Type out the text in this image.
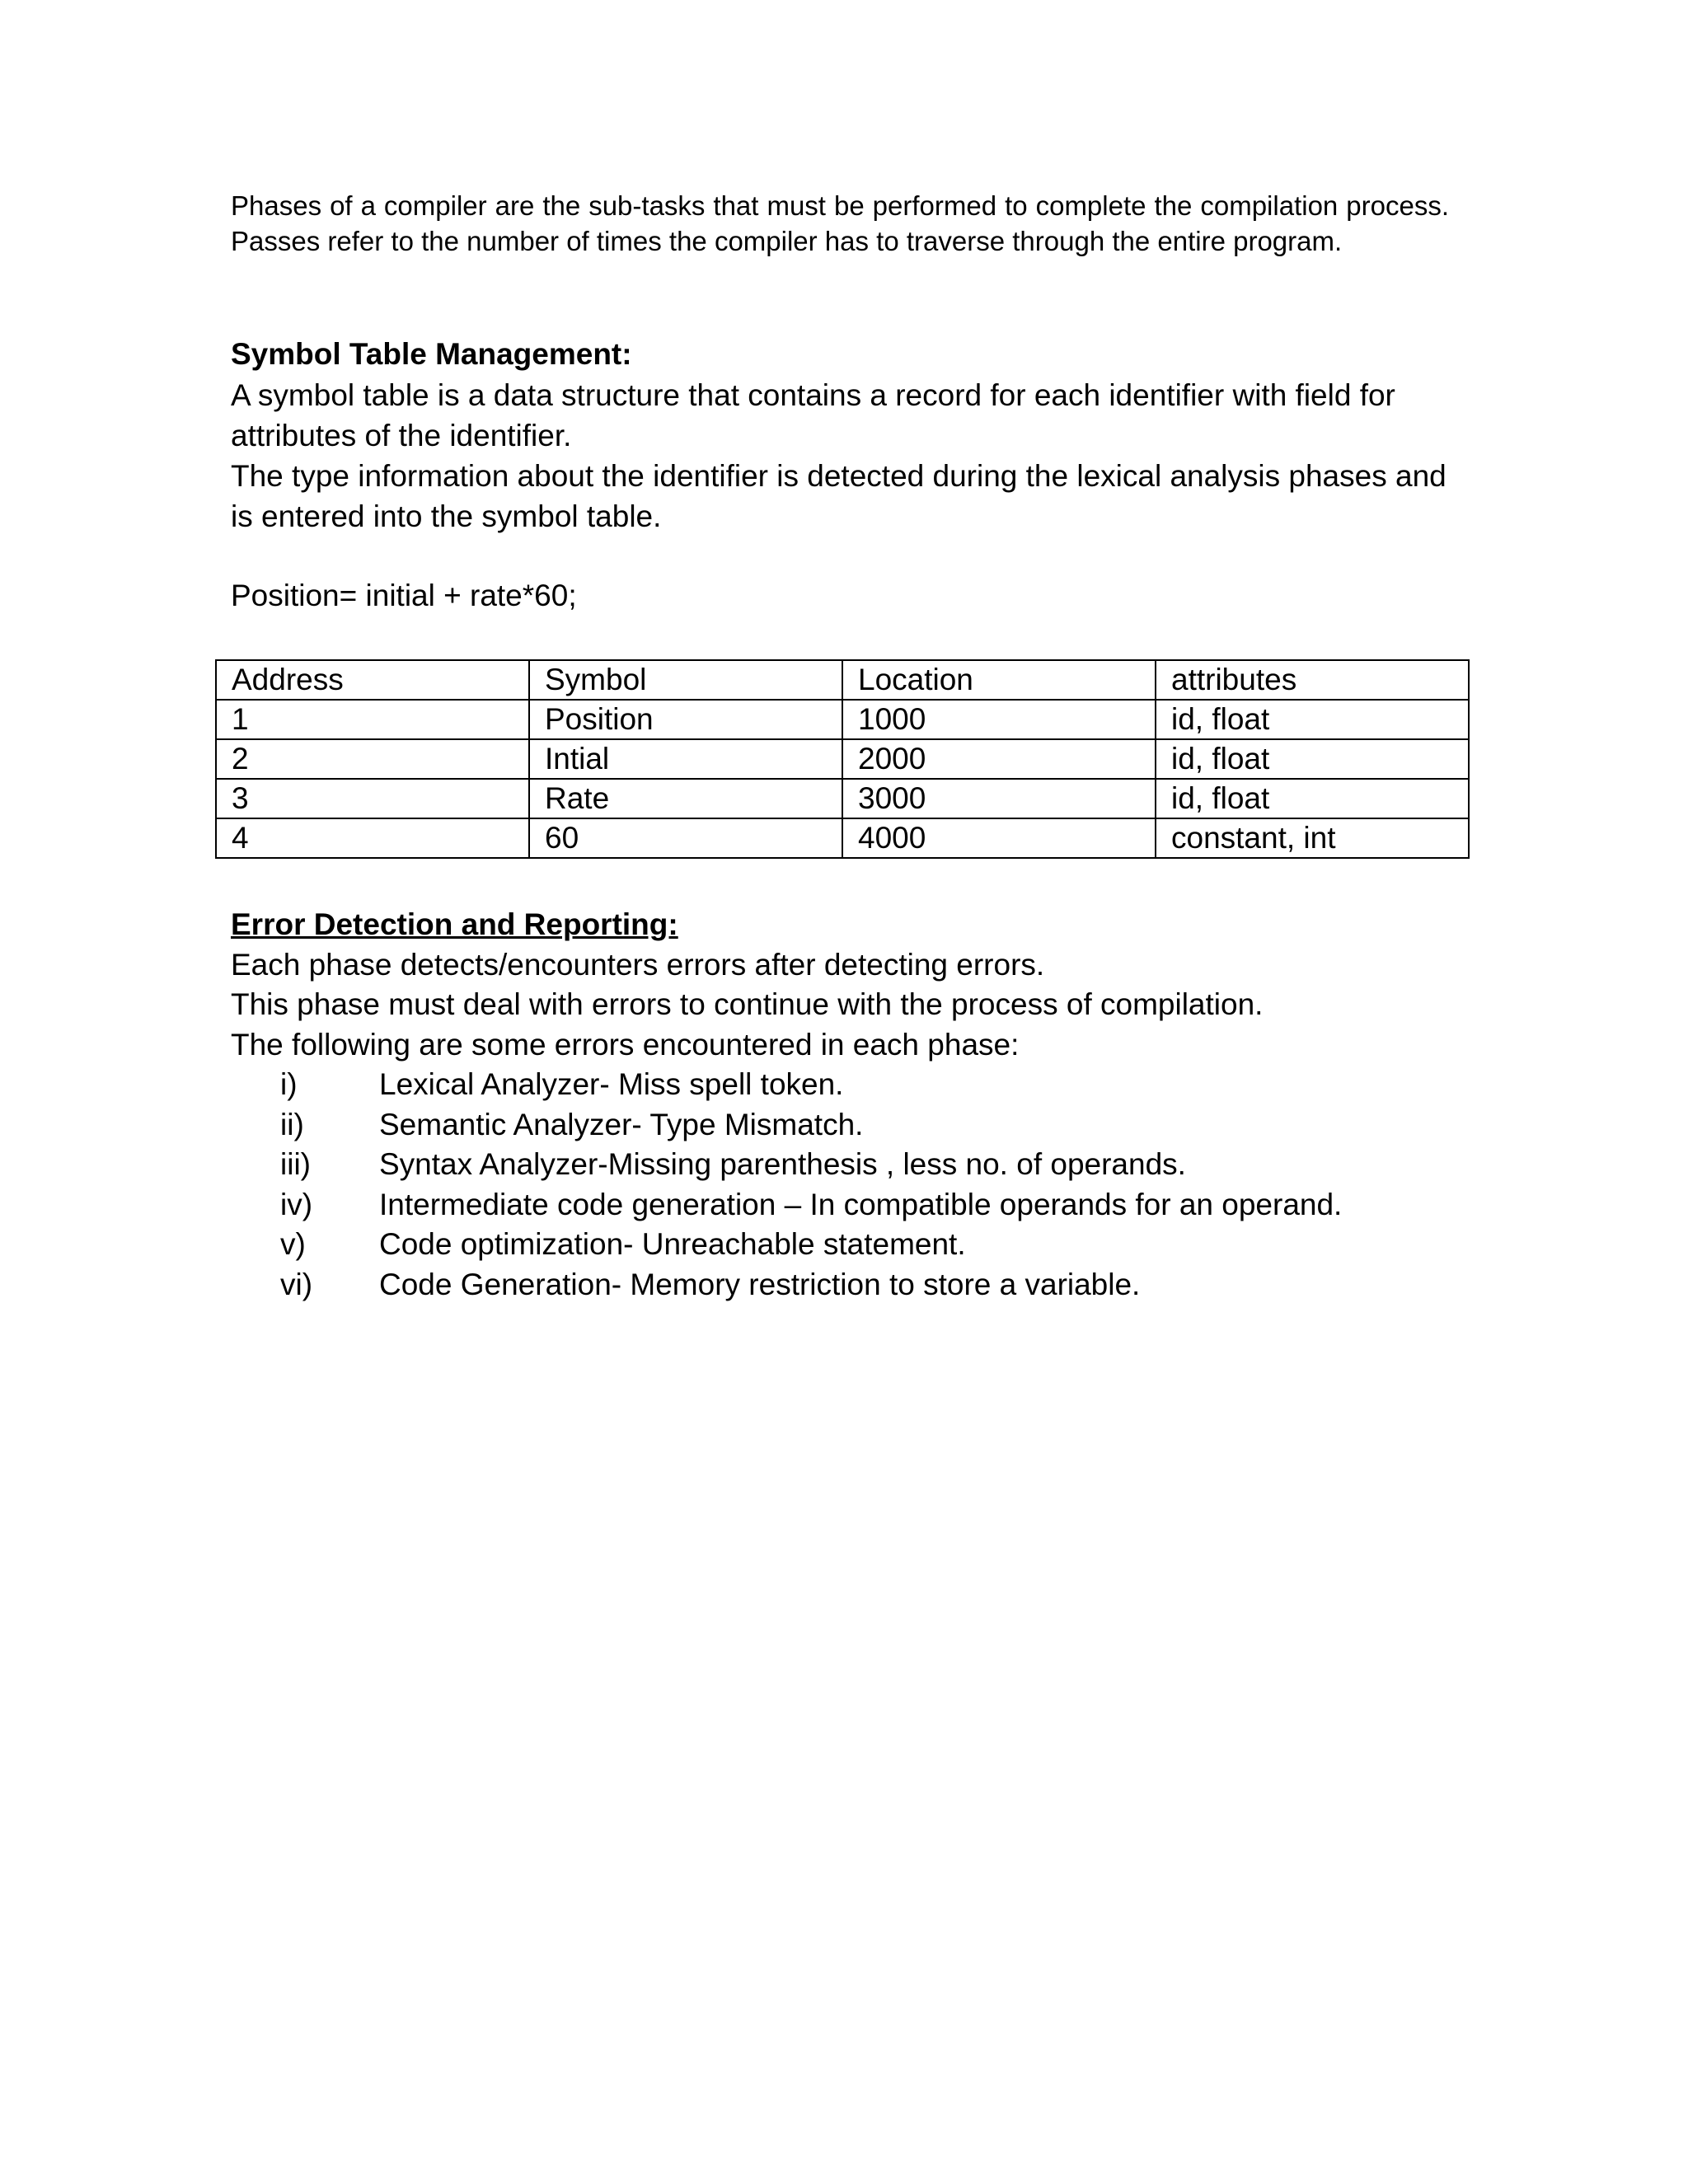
Phases of a compiler are the sub-tasks that must be performed to complete the compilation process. Passes refer to the number of times the compiler has to traverse through the entire program.

Symbol Table Management:

A symbol table is a data structure that contains a record for each identifier with field for attributes of the identifier.

The type information about the identifier is detected during the lexical analysis phases and is entered into the symbol table.

Position= initial + rate*60;

Address	Symbol	Location	attributes
1	Position	1000	id, float
2	Intial	2000	id, float
3	Rate	3000	id, float
4	60	4000	constant, int

Error Detection and Reporting:

Each phase detects/encounters errors after detecting errors.

This phase must deal with errors to continue with the process of compilation.

The following are some errors encountered in each phase:

i)	Lexical Analyzer- Miss spell token.
ii) Semantic Analyzer- Type Mismatch.
iii) Syntax Analyzer-Missing parenthesis , less no. of operands.
iv) Intermediate code generation – In compatible operands for an operand.
v) Code optimization- Unreachable statement.
vi) Code Generation- Memory restriction to store a variable.
